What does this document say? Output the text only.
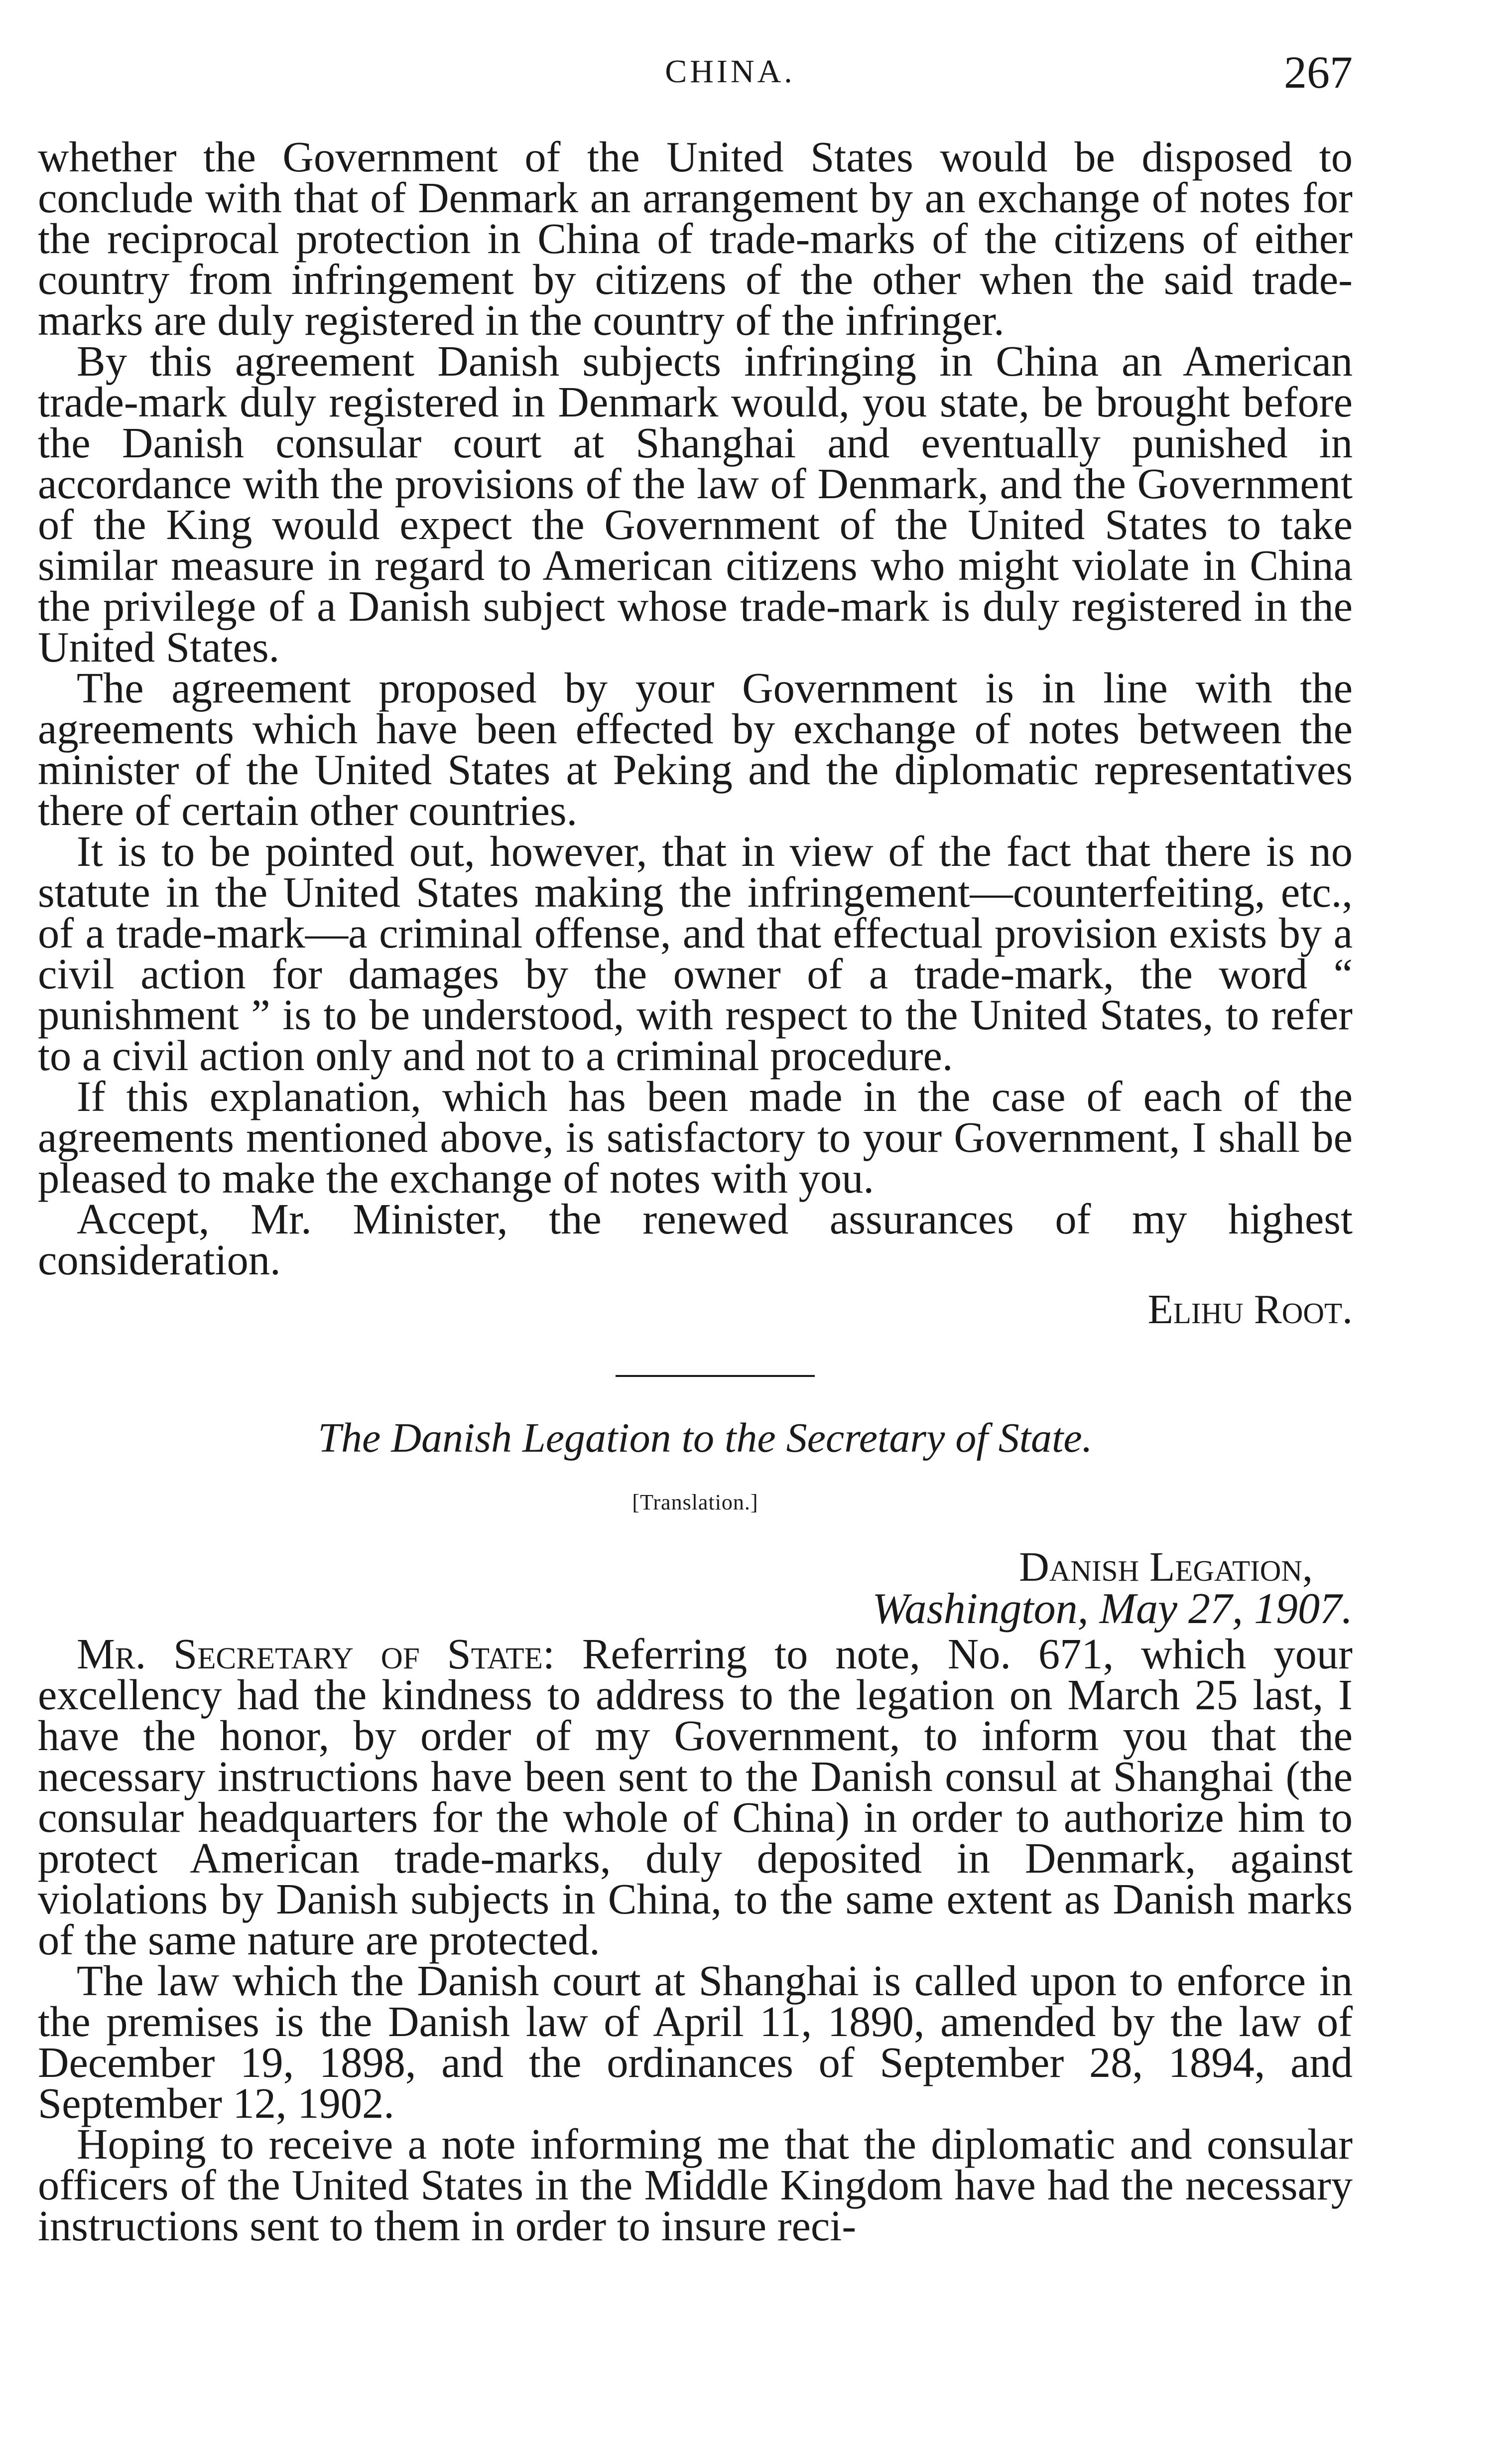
CHINA.	267

whether the Government of the United States would be disposed to conclude with that of Denmark an arrangement by an exchange of notes for the reciprocal protection in China of trade-marks of the citizens of either country from infringement by citizens of the other when the said trade-marks are duly registered in the country of the infringer.

By this agreement Danish subjects infringing in China an American trade-mark duly registered in Denmark would, you state, be brought before the Danish consular court at Shanghai and eventually punished in accordance with the provisions of the law of Denmark, and the Government of the King would expect the Government of the United States to take similar measure in regard to American citizens who might violate in China the privilege of a Danish subject whose trade-mark is duly registered in the United States.

The agreement proposed by your Government is in line with the agreements which have been effected by exchange of notes between the minister of the United States at Peking and the diplomatic representatives there of certain other countries.

It is to be pointed out, however, that in view of the fact that there is no statute in the United States making the infringement—counterfeiting, etc., of a trade-mark—a criminal offense, and that effectual provision exists by a civil action for damages by the owner of a trade-mark, the word “ punishment ” is to be understood, with respect to the United States, to refer to a civil action only and not to a criminal procedure.

If this explanation, which has been made in the case of each of the agreements mentioned above, is satisfactory to your Government, I shall be pleased to make the exchange of notes with you.

Accept, Mr. Minister, the renewed assurances of my highest consideration.

Elihu Root.

The Danish Legation to the Secretary of State.

[Translation.]

Danish Legation,

Washington, May 27, 1907.

Mr. Secretary of State: Referring to note, No. 671, which your excellency had the kindness to address to the legation on March 25 last, I have the honor, by order of my Government, to inform you that the necessary instructions have been sent to the Danish consul at Shanghai (the consular headquarters for the whole of China) in order to authorize him to protect American trade-marks, duly deposited in Denmark, against violations by Danish subjects in China, to the same extent as Danish marks of the same nature are protected.

The law which the Danish court at Shanghai is called upon to enforce in the premises is the Danish law of April 11, 1890, amended by the law of December 19, 1898, and the ordinances of September 28, 1894, and September 12, 1902.

Hoping to receive a note informing me that the diplomatic and consular officers of the United States in the Middle Kingdom have had the necessary instructions sent to them in order to insure reci-
